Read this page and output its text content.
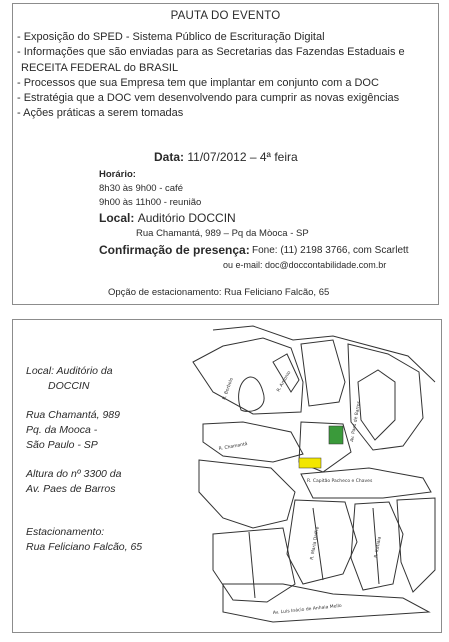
PAUTA DO EVENTO
- Exposição do SPED - Sistema Público de Escrituração Digital
- Informações que são enviadas para as Secretarias das Fazendas Estaduais e
RECEITA FEDERAL do BRASIL
- Processos que sua Empresa tem que implantar em conjunto com a DOC
- Estratégia que a DOC vem desenvolvendo para cumprir as novas exigências
- Ações práticas a serem tomadas
Data: 11/07/2012 – 4ª feira
Horário:
8h30 às 9h00 - café
9h00 às 11h00 - reunião
Local: Auditório DOCCIN
Rua Chamantá, 989 – Pq da Mòoca - SP
Confirmação de presença: Fone: (11) 2198 3766, com Scarlett
ou e-mail: doc@doccontabilidade.com.br
Opção de estacionamento: Rua Feliciano Falcão, 65
Local: Auditório da
DOCCIN
Rua Chamantá, 989
Pq. da Mooca -
São Paulo - SP
Altura do nº 3300 da
Av. Paes de Barros
Estacionamento:
Rua Feliciano Falcão, 65
R. Borbolo	R. Antonio
R. Chamantá
R. Capitão Pacheco e Chaves
Av. Paes de Barros
R. Maria Daffre	R. Itatiaia
Av. Luís Inácio de Anhaia Mello
